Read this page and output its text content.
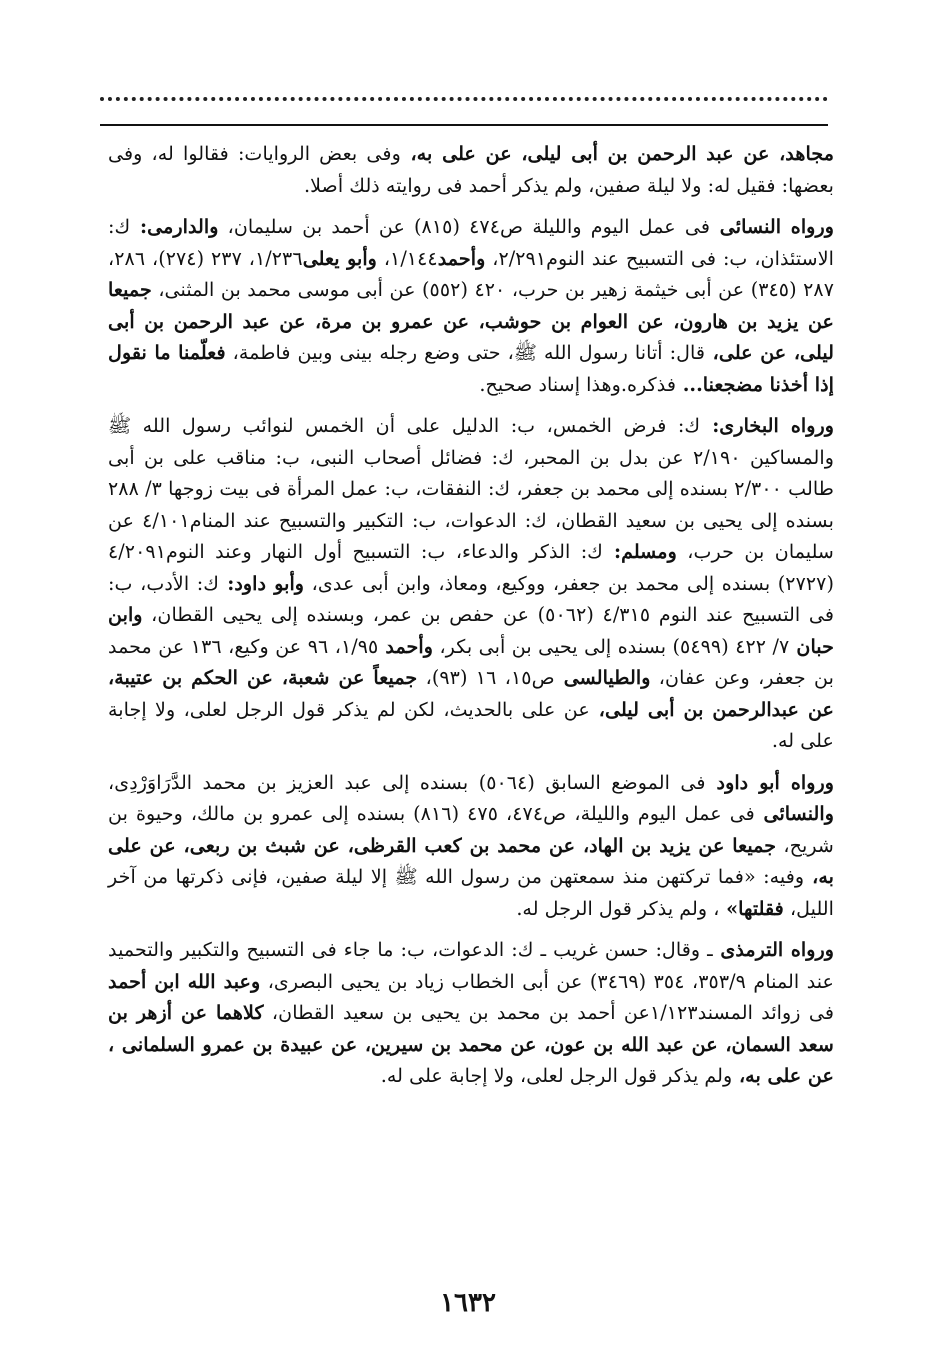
مجاهد، عن عبد الرحمن بن أبى ليلى، عن على به، وفى بعض الروايات: فقالوا له، وفى بعضها: فقيل له: ولا ليلة صفين، ولم يذكر أحمد فى روايته ذلك أصلا.

ورواه النسائى فى عمل اليوم والليلة ص٤٧٤ (٨١٥) عن أحمد بن سليمان، والدارمى: ك: الاستئذان، ب: فى التسبيح عند النوم٢/٢٩١، وأحمد١/١٤٤، وأبو يعلى١/٢٣٦، ٢٣٧ (٢٧٤)، ٢٨٦، ٢٨٧ (٣٤٥) عن أبى خيثمة زهير بن حرب، ٤٢٠ (٥٥٢) عن أبى موسى محمد بن المثنى، جميعا عن يزيد بن هارون، عن العوام بن حوشب، عن عمرو بن مرة، عن عبد الرحمن بن أبى ليلى، عن على، قال: أتانا رسول الله ﷺ، حتى وضع رجله بينى وبين فاطمة، فعلّمنا ما نقول إذا أخذنا مضجعنا... فذكره.وهذا إسناد صحيح.

ورواه البخارى: ك: فرض الخمس، ب: الدليل على أن الخمس لنوائب رسول الله ﷺ والمساكين ٢/١٩٠ عن بدل بن المحبر، ك: فضائل أصحاب النبى، ب: مناقب على بن أبى طالب ٢/٣٠٠ بسنده إلى محمد بن جعفر، ك: النفقات، ب: عمل المرأة فى بيت زوجها ٣/ ٢٨٨ بسنده إلى يحيى بن سعيد القطان، ك: الدعوات، ب: التكبير والتسبيح عند المنام٤/١٠١ عن سليمان بن حرب، ومسلم: ك: الذكر والدعاء، ب: التسبيح أول النهار وعند النوم٤/٢٠٩١ (٢٧٢٧) بسنده إلى محمد بن جعفر، ووكيع، ومعاذ، وابن أبى عدى، وأبو داود: ك: الأدب، ب: فى التسبيح عند النوم ٤/٣١٥ (٥٠٦٢) عن حفص بن عمر، وبسنده إلى يحيى القطان، وابن حبان ٧/ ٤٢٢ (٥٤٩٩) بسنده إلى يحيى بن أبى بكر، وأحمد ١/٩٥، ٩٦ عن وكيع، ١٣٦ عن محمد بن جعفر، وعن عفان، والطيالسى ص١٥، ١٦ (٩٣)، جميعاً عن شعبة، عن الحكم بن عتيبة، عن عبدالرحمن بن أبى ليلى، عن على بالحديث، لكن لم يذكر قول الرجل لعلى، ولا إجابة على له.

ورواه أبو داود فى الموضع السابق (٥٠٦٤) بسنده إلى عبد العزيز بن محمد الدَّرَاوَرْدِى، والنسائى فى عمل اليوم والليلة، ص٤٧٤، ٤٧٥ (٨١٦) بسنده إلى عمرو بن مالك، وحيوة بن شريح، جميعا عن يزيد بن الهاد، عن محمد بن كعب القرظى، عن شبث بن ربعى، عن على به، وفيه: «فما تركتهن منذ سمعتهن من رسول الله ﷺ إلا ليلة صفين، فإنى ذكرتها من آخر الليل، فقلتها» ، ولم يذكر قول الرجل له.

ورواه الترمذى ـ وقال: حسن غريب ـ ك: الدعوات، ب: ما جاء فى التسبيح والتكبير والتحميد عند المنام ٣٥٣/٩، ٣٥٤ (٣٤٦٩) عن أبى الخطاب زياد بن يحيى البصرى، وعبد الله ابن أحمد فى زوائد المسند١/١٢٣عن أحمد بن محمد بن يحيى بن سعيد القطان، كلاهما عن أزهر بن سعد السمان، عن عبد الله بن عون، عن محمد بن سيرين، عن عبيدة بن عمرو السلمانى ، عن على به، ولم يذكر قول الرجل لعلى، ولا إجابة على له.

١٦٣٢
